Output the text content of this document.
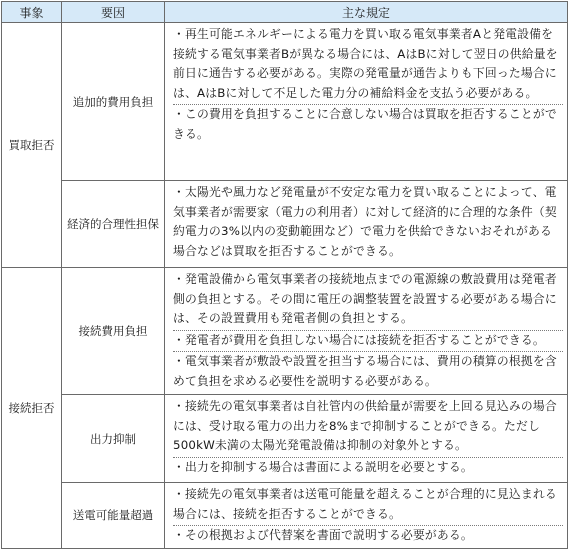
事象	要因	主な規定
買取拒否	追加的費用負担	・再生可能エネルギーによる電力を買い取る電気事業者Aと発電設備を接続する電気事業者Bが異なる場合には、AはBに対して翌日の供給量を前日に通告する必要がある。実際の発電量が通告よりも下回った場合には、AはBに対して不足した電力分の補給料金を支払う必要がある。
・この費用を負担することに合意しない場合は買取を拒否することができる。

	経済的合理性担保	・太陽光や風力など発電量が不安定な電力を買い取ることによって、電気事業者が需要家（電力の利用者）に対して経済的に合理的な条件（契約電力の3%以内の変動範囲など）で電力を供給できないおそれがある場合などは買取を拒否することができる。

接続拒否	接続費用負担	・発電設備から電気事業者の接続地点までの電源線の敷設費用は発電者側の負担とする。その間に電圧の調整装置を設置する必要がある場合には、その設置費用も発電者側の負担とする。
・発電者が費用を負担しない場合には接続を拒否することができる。
・電気事業者が敷設や設置を担当する場合には、費用の積算の根拠を含めて負担を求める必要性を説明する必要がある。

	出力抑制	・接続先の電気事業者は自社管内の供給量が需要を上回る見込みの場合には、受け取る電力の出力を8%まで抑制することができる。ただし500kW未満の太陽光発電設備は抑制の対象外とする。
・出力を抑制する場合は書面による説明を必要とする。

	送電可能量超過	・接続先の電気事業者は送電可能量を超えることが合理的に見込まれる場合には、接続を拒否することができる。
・その根拠および代替案を書面で説明する必要がある。
